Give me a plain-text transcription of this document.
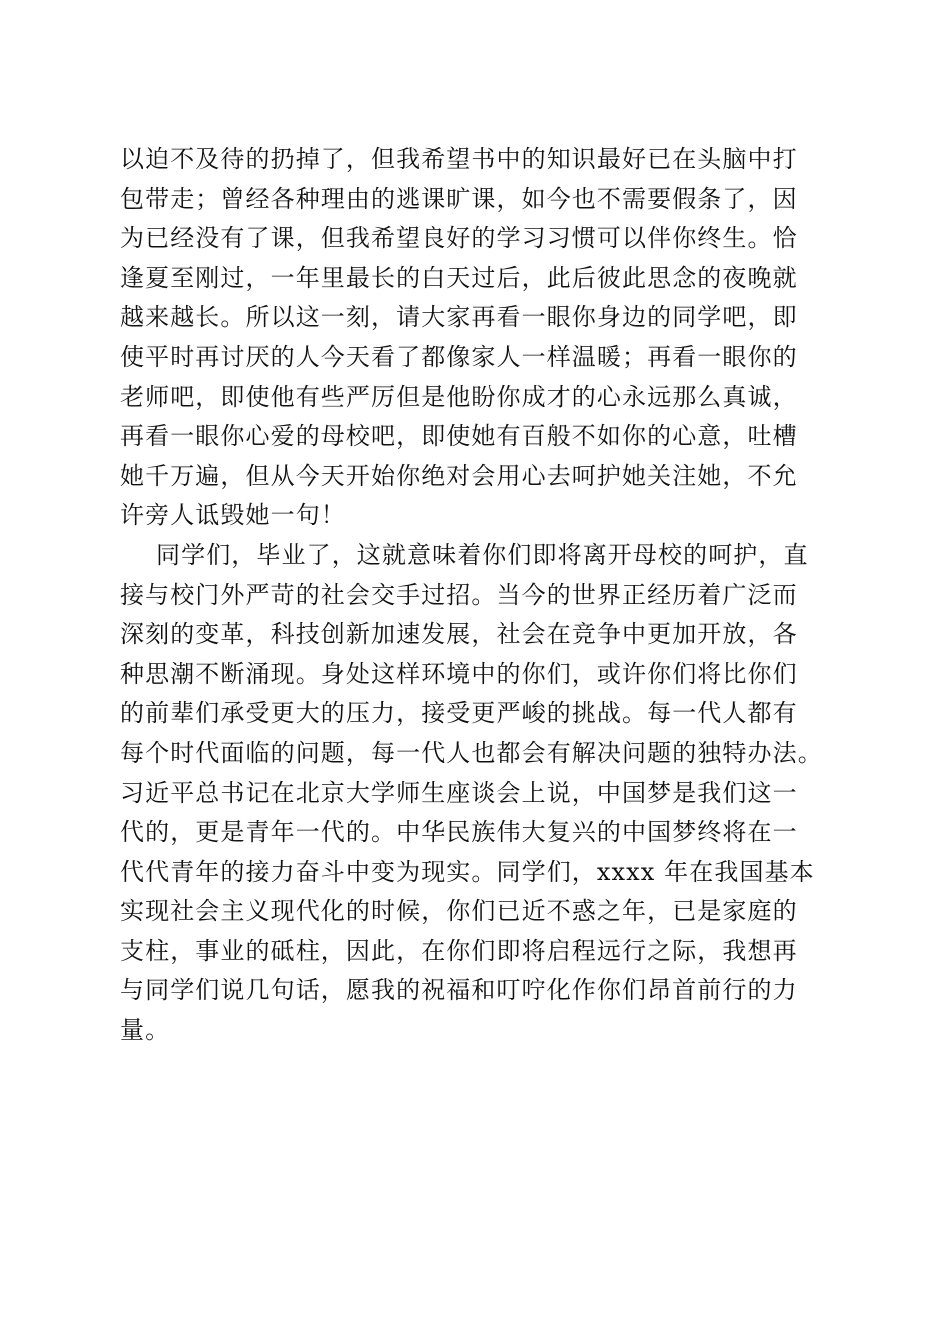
以迫不及待的扔掉了，但我希望书中的知识最好已在头脑中打
包带走；曾经各种理由的逃课旷课，如今也不需要假条了，因
为已经没有了课，但我希望良好的学习习惯可以伴你终生。恰
逢夏至刚过，一年里最长的白天过后，此后彼此思念的夜晚就
越来越长。所以这一刻，请大家再看一眼你身边的同学吧，即
使平时再讨厌的人今天看了都像家人一样温暖；再看一眼你的
老师吧，即使他有些严厉但是他盼你成才的心永远那么真诚，
再看一眼你心爱的母校吧，即使她有百般不如你的心意，吐槽
她千万遍，但从今天开始你绝对会用心去呵护她关注她，不允
许旁人诋毁她一句！
同学们，毕业了，这就意味着你们即将离开母校的呵护，直
接与校门外严苛的社会交手过招。当今的世界正经历着广泛而
深刻的变革，科技创新加速发展，社会在竞争中更加开放，各
种思潮不断涌现。身处这样环境中的你们，或许你们将比你们
的前辈们承受更大的压力，接受更严峻的挑战。每一代人都有
每个时代面临的问题，每一代人也都会有解决问题的独特办法。
习近平总书记在北京大学师生座谈会上说，中国梦是我们这一
代的，更是青年一代的。中华民族伟大复兴的中国梦终将在一
代代青年的接力奋斗中变为现实。同学们，xxxx 年在我国基本
实现社会主义现代化的时候，你们已近不惑之年，已是家庭的
支柱，事业的砥柱，因此，在你们即将启程远行之际，我想再
与同学们说几句话，愿我的祝福和叮咛化作你们昂首前行的力
量。
